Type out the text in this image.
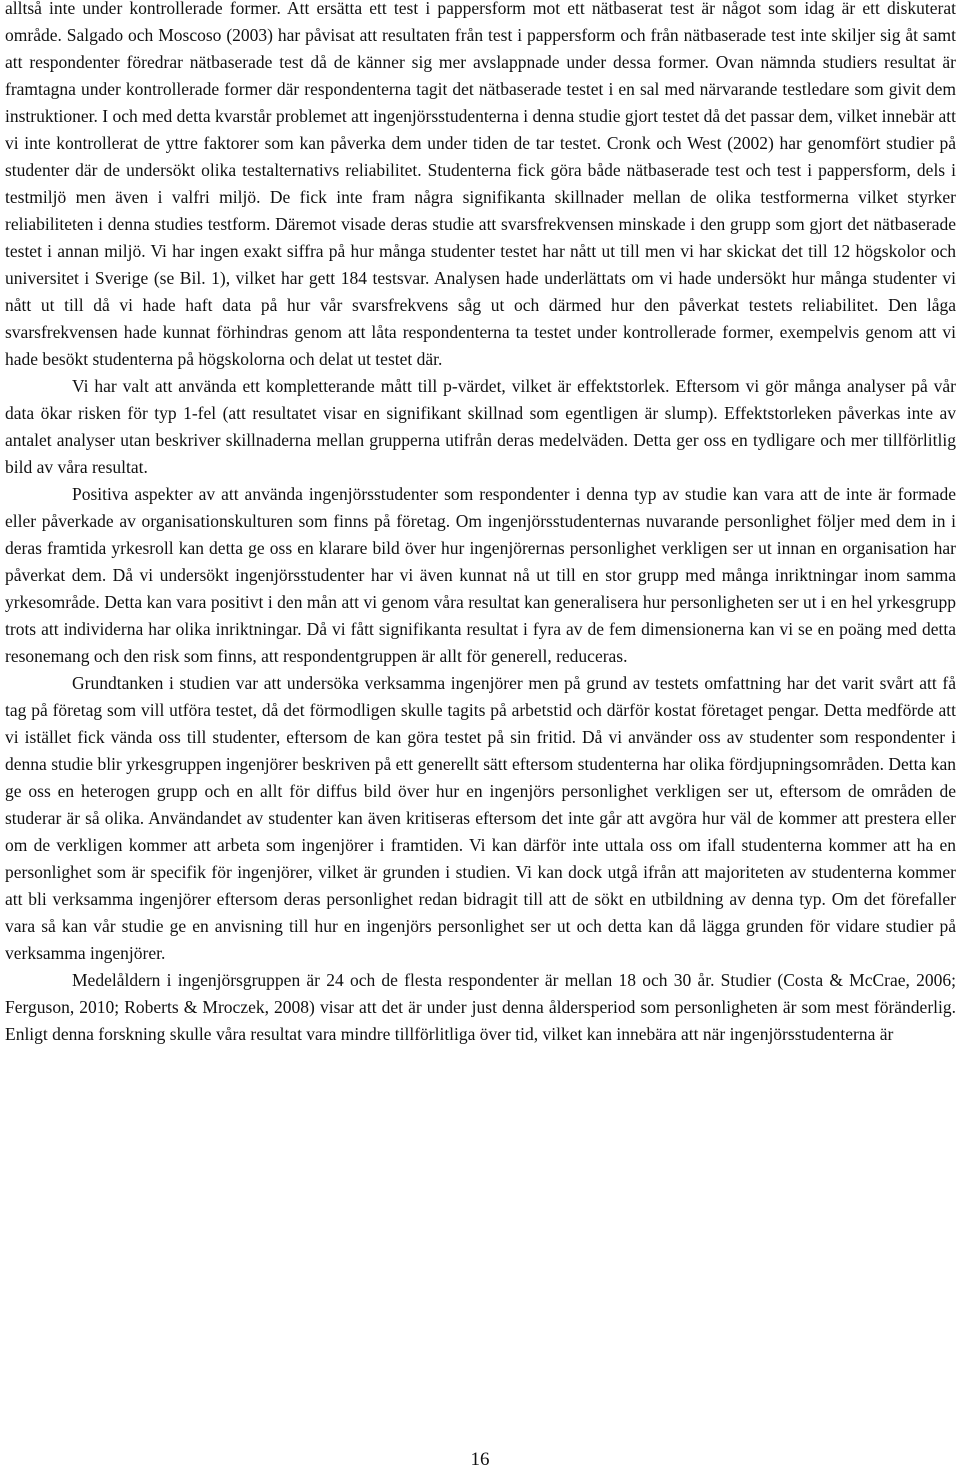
alltså inte under kontrollerade former. Att ersätta ett test i pappersform mot ett nätbaserat test är något som idag är ett diskuterat område. Salgado och Moscoso (2003) har påvisat att resultaten från test i pappersform och från nätbaserade test inte skiljer sig åt samt att respondenter föredrar nätbaserade test då de känner sig mer avslappnade under dessa former. Ovan nämnda studiers resultat är framtagna under kontrollerade former där respondenterna tagit det nätbaserade testet i en sal med närvarande testledare som givit dem instruktioner. I och med detta kvarstår problemet att ingenjörsstudenterna i denna studie gjort testet då det passar dem, vilket innebär att vi inte kontrollerat de yttre faktorer som kan påverka dem under tiden de tar testet. Cronk och West (2002) har genomfört studier på studenter där de undersökt olika testalternativs reliabilitet. Studenterna fick göra både nätbaserade test och test i pappersform, dels i testmiljö men även i valfri miljö. De fick inte fram några signifikanta skillnader mellan de olika testformerna vilket styrker reliabiliteten i denna studies testform. Däremot visade deras studie att svarsfrekvensen minskade i den grupp som gjort det nätbaserade testet i annan miljö. Vi har ingen exakt siffra på hur många studenter testet har nått ut till men vi har skickat det till 12 högskolor och universitet i Sverige (se Bil. 1), vilket har gett 184 testsvar. Analysen hade underlättats om vi hade undersökt hur många studenter vi nått ut till då vi hade haft data på hur vår svarsfrekvens såg ut och därmed hur den påverkat testets reliabilitet. Den låga svarsfrekvensen hade kunnat förhindras genom att låta respondenterna ta testet under kontrollerade former, exempelvis genom att vi hade besökt studenterna på högskolorna och delat ut testet där.

Vi har valt att använda ett kompletterande mått till p-värdet, vilket är effektstorlek. Eftersom vi gör många analyser på vår data ökar risken för typ 1-fel (att resultatet visar en signifikant skillnad som egentligen är slump). Effektstorleken påverkas inte av antalet analyser utan beskriver skillnaderna mellan grupperna utifrån deras medelväden. Detta ger oss en tydligare och mer tillförlitlig bild av våra resultat.

Positiva aspekter av att använda ingenjörsstudenter som respondenter i denna typ av studie kan vara att de inte är formade eller påverkade av organisationskulturen som finns på företag. Om ingenjörsstudenternas nuvarande personlighet följer med dem in i deras framtida yrkesroll kan detta ge oss en klarare bild över hur ingenjörernas personlighet verkligen ser ut innan en organisation har påverkat dem. Då vi undersökt ingenjörsstudenter har vi även kunnat nå ut till en stor grupp med många inriktningar inom samma yrkesområde. Detta kan vara positivt i den mån att vi genom våra resultat kan generalisera hur personligheten ser ut i en hel yrkesgrupp trots att individerna har olika inriktningar. Då vi fått signifikanta resultat i fyra av de fem dimensionerna kan vi se en poäng med detta resonemang och den risk som finns, att respondentgruppen är allt för generell, reduceras.

Grundtanken i studien var att undersöka verksamma ingenjörer men på grund av testets omfattning har det varit svårt att få tag på företag som vill utföra testet, då det förmodligen skulle tagits på arbetstid och därför kostat företaget pengar. Detta medförde att vi istället fick vända oss till studenter, eftersom de kan göra testet på sin fritid. Då vi använder oss av studenter som respondenter i denna studie blir yrkesgruppen ingenjörer beskriven på ett generellt sätt eftersom studenterna har olika fördjupningsområden. Detta kan ge oss en heterogen grupp och en allt för diffus bild över hur en ingenjörs personlighet verkligen ser ut, eftersom de områden de studerar är så olika. Användandet av studenter kan även kritiseras eftersom det inte går att avgöra hur väl de kommer att prestera eller om de verkligen kommer att arbeta som ingenjörer i framtiden. Vi kan därför inte uttala oss om ifall studenterna kommer att ha en personlighet som är specifik för ingenjörer, vilket är grunden i studien. Vi kan dock utgå ifrån att majoriteten av studenterna kommer att bli verksamma ingenjörer eftersom deras personlighet redan bidragit till att de sökt en utbildning av denna typ. Om det förefaller vara så kan vår studie ge en anvisning till hur en ingenjörs personlighet ser ut och detta kan då lägga grunden för vidare studier på verksamma ingenjörer.

Medelåldern i ingenjörsgruppen är 24 och de flesta respondenter är mellan 18 och 30 år. Studier (Costa & McCrae, 2006; Ferguson, 2010; Roberts & Mroczek, 2008) visar att det är under just denna åldersperiod som personligheten är som mest föränderlig. Enligt denna forskning skulle våra resultat vara mindre tillförlitliga över tid, vilket kan innebära att när ingenjörsstudenterna är

16
